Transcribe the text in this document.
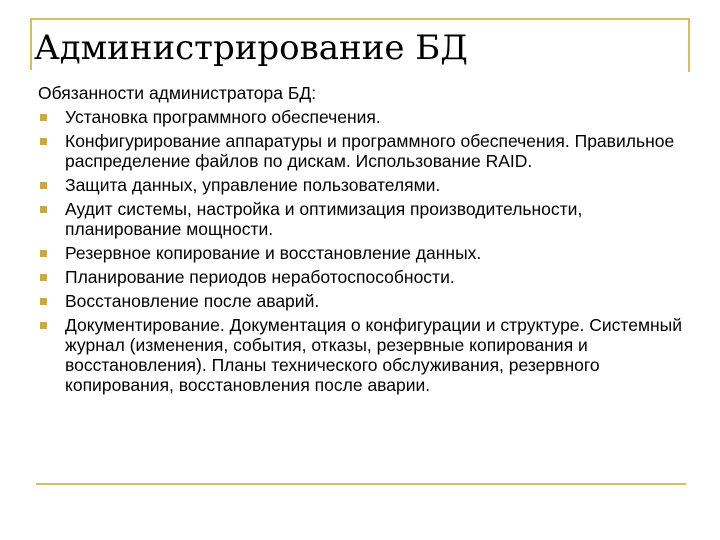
Администрирование БД

Обязанности администратора БД:

Установка программного обеспечения.
Конфигурирование аппаратуры и программного обеспечения. Правильное распределение файлов по дискам. Использование RAID.
Защита данных, управление пользователями.
Аудит системы, настройка и оптимизация производительности, планирование мощности.
Резервное копирование и восстановление данных.
Планирование периодов неработоспособности.
Восстановление после аварий.
Документирование. Документация о конфигурации и структуре. Системный журнал (изменения, события, отказы, резервные копирования и восстановления). Планы технического обслуживания, резервного копирования, восстановления после аварии.
